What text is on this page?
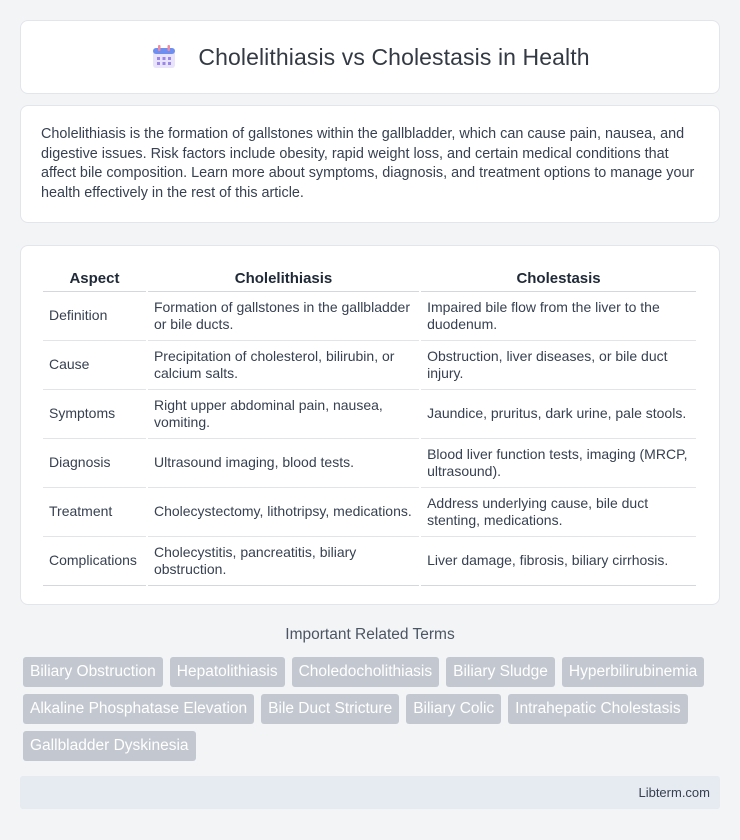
Cholelithiasis vs Cholestasis in Health

Cholelithiasis is the formation of gallstones within the gallbladder, which can cause pain, nausea, and digestive issues. Risk factors include obesity, rapid weight loss, and certain medical conditions that affect bile composition. Learn more about symptoms, diagnosis, and treatment options to manage your health effectively in the rest of this article.

Aspect	Cholelithiasis	Cholestasis
Definition	Formation of gallstones in the gallbladder or bile ducts.	Impaired bile flow from the liver to the duodenum.
Cause	Precipitation of cholesterol, bilirubin, or calcium salts.	Obstruction, liver diseases, or bile duct injury.
Symptoms	Right upper abdominal pain, nausea, vomiting.	Jaundice, pruritus, dark urine, pale stools.
Diagnosis	Ultrasound imaging, blood tests.	Blood liver function tests, imaging (MRCP, ultrasound).
Treatment	Cholecystectomy, lithotripsy, medications.	Address underlying cause, bile duct stenting, medications.
Complications	Cholecystitis, pancreatitis, biliary obstruction.	Liver damage, fibrosis, biliary cirrhosis.
Important Related Terms
Biliary Obstruction	Hepatolithiasis	Choledocholithiasis	Biliary Sludge	Hyperbilirubinemia
Alkaline Phosphatase Elevation	Bile Duct Stricture	Biliary Colic	Intrahepatic Cholestasis
Gallbladder Dyskinesia
Libterm.com
